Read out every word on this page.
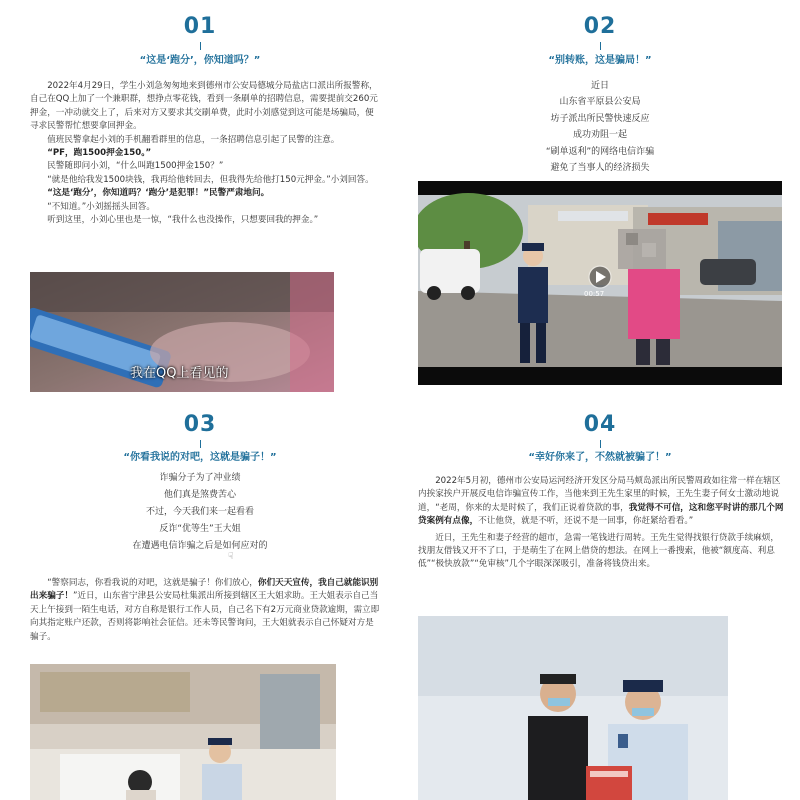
01
“这是‘跑分’，你知道吗？”

2022年4月29日，学生小刘急匆匆地来到德州市公安局德城分局盐店口派出所报警称，自己在QQ上加了一个兼职群，想挣点零花钱，看到一条刷单的招聘信息，需要提前交260元押金，一冲动就交上了，后来对方又要求其交刷单费，此时小刘感觉到这可能是场骗局，便寻求民警帮忙想要拿回押金。

值班民警拿起小刘的手机翻看群里的信息，一条招聘信息引起了民警的注意。

“PF，跑1500押金150。”

民警随即问小刘，“什么叫跑1500押金150？”

“就是他给我发1500块钱，我再给他转回去，但我得先给他打150元押金。”小刘回答。

“这是‘跑分’，你知道吗？‘跑分’是犯罪！”民警严肃地问。

“不知道。”小刘摇摇头回答。

听到这里，小刘心里也是一惊，“我什么也没操作，只想要回我的押金。”

我在QQ上看见的
02
“别转账，这是骗局！”

近日

山东省平原县公安局

坊子派出所民警快速反应

成功劝阻一起

“刷单返利”的网络电信诈骗

避免了当事人的经济损失

00:57
03
“你看我说的对吧，这就是骗子！”

诈骗分子为了冲业绩

他们真是煞费苦心

不过，今天我们来一起看看

反诈“优等生”王大姐

在遭遇电信诈骗之后是如何应对的

☟

“警察同志，你看我说的对吧，这就是骗子！你们放心，你们天天宣传，我自己就能识别出来骗子！”近日，山东省宁津县公安局杜集派出所接到辖区王大姐求助。王大姐表示自己当天上午接到一陌生电话，对方自称是银行工作人员，自己名下有2万元商业贷款逾期，需立即向其指定账户还款，否则将影响社会征信。还未等民警询问，王大姐就表示自己怀疑对方是骗子。

04
“幸好你来了，不然就被骗了！”

2022年5月初，德州市公安局运河经济开发区分局马颊岛派出所民警周政如往常一样在辖区内挨家挨户开展反电信诈骗宣传工作，当他来到王先生家里的时候，王先生妻子何女士激动地说道，“老周，你来的太是时候了，我们正说着贷款的事，我觉得不可信，这和您平时讲的那几个网贷案例有点像，不让他贷，就是不听，还说不是一回事，你赶紧给看看。”

近日，王先生和妻子经营的超市，急需一笔钱进行周转。王先生觉得找银行贷款手续麻烦，找朋友借钱又开不了口，于是萌生了在网上借贷的想法。在网上一番搜索，他被“额度高、利息低”“极快放款”“免审核”几个字眼深深吸引，准备将钱贷出来。
